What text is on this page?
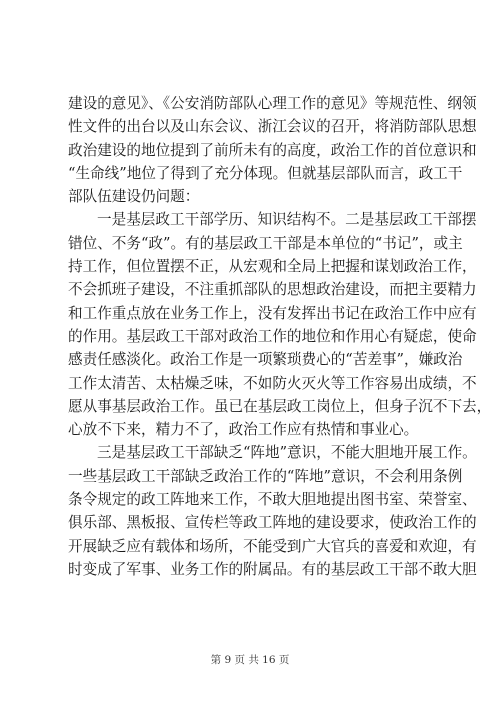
建设的意见》、《公安消防部队心理工作的意见》等规范性、纲领
性文件的出台以及山东会议、浙江会议的召开，将消防部队思想
政治建设的地位提到了前所未有的高度，政治工作的首位意识和
“生命线”地位了得到了充分体现。但就基层部队而言，政工干
部队伍建设仍问题：
一是基层政工干部学历、知识结构不。二是基层政工干部摆
错位、不务“政”。有的基层政工干部是本单位的“书记”，或主
持工作，但位置摆不正，从宏观和全局上把握和谋划政治工作，
不会抓班子建设，不注重抓部队的思想政治建设，而把主要精力
和工作重点放在业务工作上，没有发挥出书记在政治工作中应有
的作用。基层政工干部对政治工作的地位和作用心有疑虑，使命
感责任感淡化。政治工作是一项繁琐费心的“苦差事”，嫌政治
工作太清苦、太枯燥乏味，不如防火灭火等工作容易出成绩，不
愿从事基层政治工作。虽已在基层政工岗位上，但身子沉不下去，
心放不下来，精力不了，政治工作应有热情和事业心。
三是基层政工干部缺乏“阵地”意识，不能大胆地开展工作。
一些基层政工干部缺乏政治工作的“阵地”意识，不会利用条例
条令规定的政工阵地来工作，不敢大胆地提出图书室、荣誉室、
俱乐部、黑板报、宣传栏等政工阵地的建设要求，使政治工作的
开展缺乏应有载体和场所，不能受到广大官兵的喜爱和欢迎，有
时变成了军事、业务工作的附属品。有的基层政工干部不敢大胆
第 9 页 共 16 页
